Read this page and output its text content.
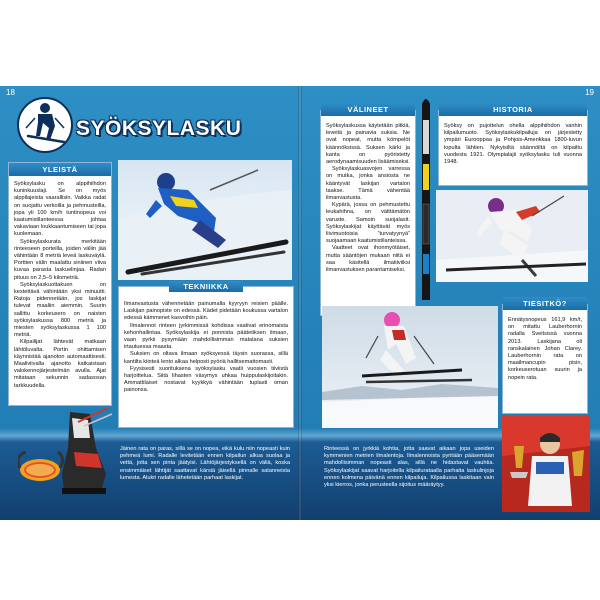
18	19
SYÖKSYLASKU
YLEISTÄ

Syöksylasku on alppihiihdon kuninkuuslaji. Se on myös alppilajeista vaarallisin. Vaikka radat on suojattu verkoilla ja pehmusteilla, jopa yli 100 km/h tuntinopeus voi kaatumistilanteessa johtaa vakaviaan loukkaantumiseen tai jopa kuolemaan.

Syöksylaskurata merkitään rinteeseen porteilla, joiden väliin jää vähintään 8 metriä leveä laskuväylä. Porttien välin maalattu siniinen viiva kuvaa parasta laskuelinjaa. Radan pituus on 2,5–5 kilometriä.

Syöksylaskuottakuen on kestettävä vähintään yksi minuutti. Ratoja pidennetään, jos laskijat tulevat maaliin aiemmin. Suurin sallittu korkeusero on naisten syöksylaskussa 800 metriä ja miesten syöksylaskussa 1 100 metriä.

Kilpailijat lähtevät matkaan lähtöluvalta. Portin ohittamisen käynnistää ajanoton automaattisesti. Maaliviivalla ajanotto katkaistaan valokennojärjestelmän avulla. Ajat mitataan sekunnin sadasosan tarkkuudella.

TEKNIIKKA

Ilmanvastusta vähennetään painumalla kyyryyn reisien päälle. Laskijan painopiste on edessä. Kädet pidetään koukussa vartalon edessä kämmenet kasvoihin päin.

Ilmalennot rinteen jyrkimmissä kohdissa vaativat erinomaista kehonhallintaa. Syöksylaskija ei ponnista päätetiksen ilmaan, vaan pyrkii pysymään mahdollisimman matalana suksien irtautuessa maasta.

Suksien on oltava ilmaan syöksyessä täysin suorassa, sillä kantilta kiinteä lento alkaa helposti pyöriä hallitsemattomasti.

Fyysisesti suorituksena syöksylasku vaatii vuosien tiiviistä harjoittelua. Siitä lihasten väsymys uhkaa huippulaskijoitakin. Ammattilaiset nostavat kyykkyä vähintään tuplasti oman painonsa.

Jäinen rata on paras, sillä se on nopea, eikä kulu niin nopeasti kuin pehmeä lumi. Radalle levitetään ennen kilpailun alkua suolaa ja vettä, jotta sen pinta jäätyisi. Lähtöjärjestyksellä on väliä, koska ensimmäiset lähtijät saattavat kärsiä jäisellä pinnalle satanneista lumesta. Alukri radalle lähetetään parhaat laskijat.
VÄLINEET

Syöksylaskussa käytetään pitkiä, leveitä ja painavia suksia. Ne ovat nopeat, mutta kömpelöt käännöksissä. Suksen kärki ja kanta on pyöristetty aerodynaamisuuden lisäämiseksi.

Syöksylaskuasvojen varressa on mutka, jonka ansiosta ne kääntyvät laskijan vartalon taakse. Tämä vähentää ilmanvastusta.

Kypärä, jossa on pehmustettu leukahihna, on välttämätön varuste. Samoin suojalasit. Syöksylaskijat käyttävät myös liivimuotoisia “turvatyynyä” suojaamaan kaatumistilanteissa.

Vaatteet ovat ihonmyötäiset, mutta sääntöjen mukaan niitä ei saa käsitellä ilmatiiviiksi ilmanvastuksen parantamiseksi.

HISTORIA

Syöksy on pujottelun ohella alppihiihdon vanhin kilpailumuoto. Syöksylaskukilpailuja on järjestetty ympäri Eurooppaa ja Pohjois-Amerikkaa 1800-luvun lopulta lähtien. Nykyisiltä säännöiltä on kilpailtu vuodesta 1921. Olympialajii syöksylasku tuli vuonna 1948.

TIESITKÖ?

Ennätysnopeus 161,9 km/t, on mitattu Lauberhornin radalla Sveitsissä vuonna 2013. Laskijana oli ranskalainen Johan Clarey. Lauberhornin rata on maailmancupin pisin, korkeuserotuan suurin ja nopein rata.

Rinteessä on jyrkkiä kohtia, jotta saavat aikaan jopa useiden kymmenien metrien ilmalentoja. Ilmalennoista pyritään pääsemään mahdollisimman nopeasti alas, sillä ne hidastavat vauhtia. Syöksylaskijat saavat harjoitella kilpailurataalla parhaita laskulinjoja ennen kolmena päivänä ennen kilpailuja. Kilpailussa laskitaan vain yksi kierros, jonka perusteella sijoitus määräytyy.
